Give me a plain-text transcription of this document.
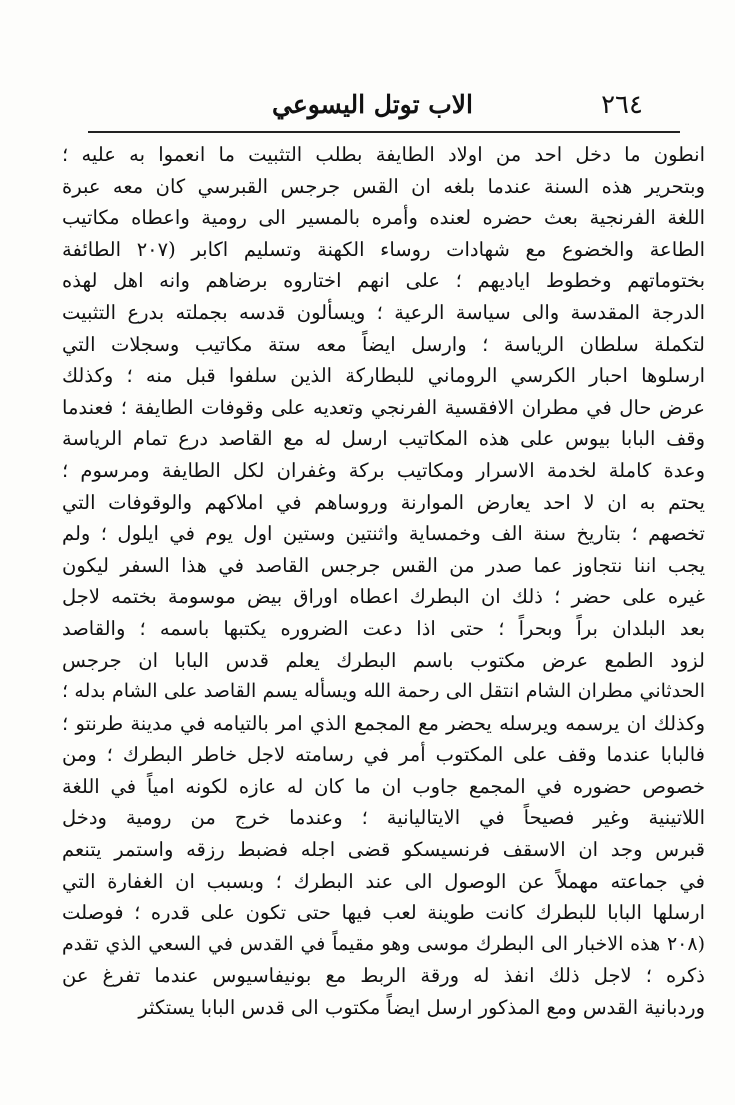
٢٦٤
الاب توتل اليسوعي
انطون ما دخل احد من اولاد الطايفة بطلب التثبيت ما انعموا به عليه ؛
وبتحرير هذه السنة عندما بلغه ان القس جرجس القبرسي كان معه عبرة
اللغة الفرنجية بعث حضره لعنده وأمره بالمسير الى رومية واعطاه مكاتيب
الطاعة والخضوع مع شهادات روساء الكهنة وتسليم اكابر (٢٠٧ الطائفة
بختوماتهم وخطوط اياديهم ؛ على انهم اختاروه برضاهم وانه اهل لهذه
الدرجة المقدسة والى سياسة الرعية ؛ ويسألون قدسه بجملته بدرع التثبيت
لتكملة سلطان الرياسة ؛ وارسل ايضاً معه ستة مكاتيب وسجلات التي
ارسلوها احبار الكرسي الروماني للبطاركة الذين سلفوا قبل منه ؛ وكذلك
عرض حال في مطران الافقسية الفرنجي وتعديه على وقوفات الطايفة ؛ فعندما
وقف البابا بيوس على هذه المكاتيب ارسل له مع القاصد درع تمام الرياسة
وعدة كاملة لخدمة الاسرار ومكاتيب بركة وغفران لكل الطايفة ومرسوم ؛
يحتم به ان لا احد يعارض الموارنة وروساهم في املاكهم والوقوفات التي
تخصهم ؛ بتاريخ سنة الف وخمساية واثنتين وستين اول يوم في ايلول ؛ ولم
يجب اننا نتجاوز عما صدر من القس جرجس القاصد في هذا السفر ليكون
غيره على حضر ؛ ذلك ان البطرك اعطاه اوراق بيض موسومة بختمه لاجل
بعد البلدان براً وبحراً ؛ حتى اذا دعت الضروره يكتبها باسمه ؛ والقاصد
لزود الطمع عرض مكتوب باسم البطرك يعلم قدس البابا ان جرجس
الحدثاني مطران الشام انتقل الى رحمة الله ويسأله يسم القاصد على الشام بدله ؛
وكذلك ان يرسمه ويرسله يحضر مع المجمع الذي امر بالتيامه في مدينة طرنتو ؛
فالبابا عندما وقف على المكتوب أمر في رسامته لاجل خاطر البطرك ؛ ومن
خصوص حضوره في المجمع جاوب ان ما كان له عازه لكونه امياً في اللغة
اللاتينية وغير فصيحاً في الايتاليانية ؛ وعندما خرج من رومية ودخل
قبرس وجد ان الاسقف فرنسيسكو قضى اجله فضبط رزقه واستمر يتنعم
في جماعته مهملاً عن الوصول الى عند البطرك ؛ وبسبب ان الغفارة التي
ارسلها البابا للبطرك كانت طوينة لعب فيها حتى تكون على قدره ؛ فوصلت
(٢٠٨ هذه الاخبار الى البطرك موسى وهو مقيماً في القدس في السعي الذي تقدم
ذكره ؛ لاجل ذلك انفذ له ورقة الربط مع بونيفاسيوس عندما تفرغ عن
وردبانية القدس ومع المذكور ارسل ايضاً مكتوب الى قدس البابا يستكثر
